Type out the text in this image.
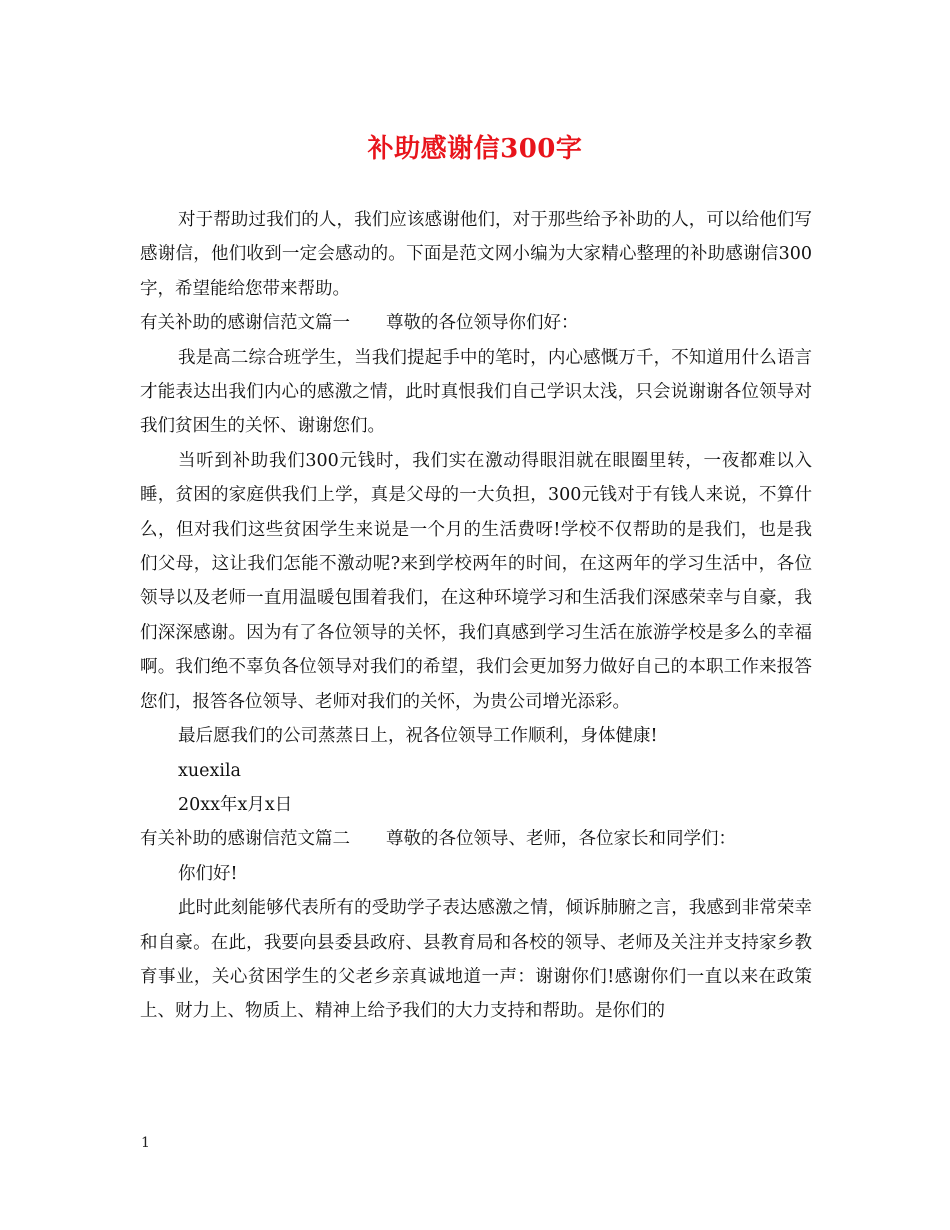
补助感谢信300字

对于帮助过我们的人，我们应该感谢他们，对于那些给予补助的人，可以给他们写感谢信，他们收到一定会感动的。下面是范文网小编为大家精心整理的补助感谢信300字，希望能给您带来帮助。

有关补助的感谢信范文篇一 尊敬的各位领导你们好：

我是高二综合班学生，当我们提起手中的笔时，内心感慨万千，不知道用什么语言才能表达出我们内心的感激之情，此时真恨我们自己学识太浅，只会说谢谢各位领导对我们贫困生的关怀、谢谢您们。

当听到补助我们300元钱时，我们实在激动得眼泪就在眼圈里转，一夜都难以入睡，贫困的家庭供我们上学，真是父母的一大负担，300元钱对于有钱人来说，不算什么，但对我们这些贫困学生来说是一个月的生活费呀!学校不仅帮助的是我们，也是我们父母，这让我们怎能不激动呢?来到学校两年的时间，在这两年的学习生活中，各位领导以及老师一直用温暖包围着我们，在这种环境学习和生活我们深感荣幸与自豪，我们深深感谢。因为有了各位领导的关怀，我们真感到学习生活在旅游学校是多么的幸福啊。我们绝不辜负各位领导对我们的希望，我们会更加努力做好自己的本职工作来报答您们，报答各位领导、老师对我们的关怀，为贵公司增光添彩。

最后愿我们的公司蒸蒸日上，祝各位领导工作顺利，身体健康!

xuexila

20xx年x月x日

有关补助的感谢信范文篇二 尊敬的各位领导、老师，各位家长和同学们：

你们好!

此时此刻能够代表所有的受助学子表达感激之情，倾诉肺腑之言，我感到非常荣幸和自豪。在此，我要向县委县政府、县教育局和各校的领导、老师及关注并支持家乡教育事业，关心贫困学生的父老乡亲真诚地道一声：谢谢你们!感谢你们一直以来在政策上、财力上、物质上、精神上给予我们的大力支持和帮助。是你们的

1
